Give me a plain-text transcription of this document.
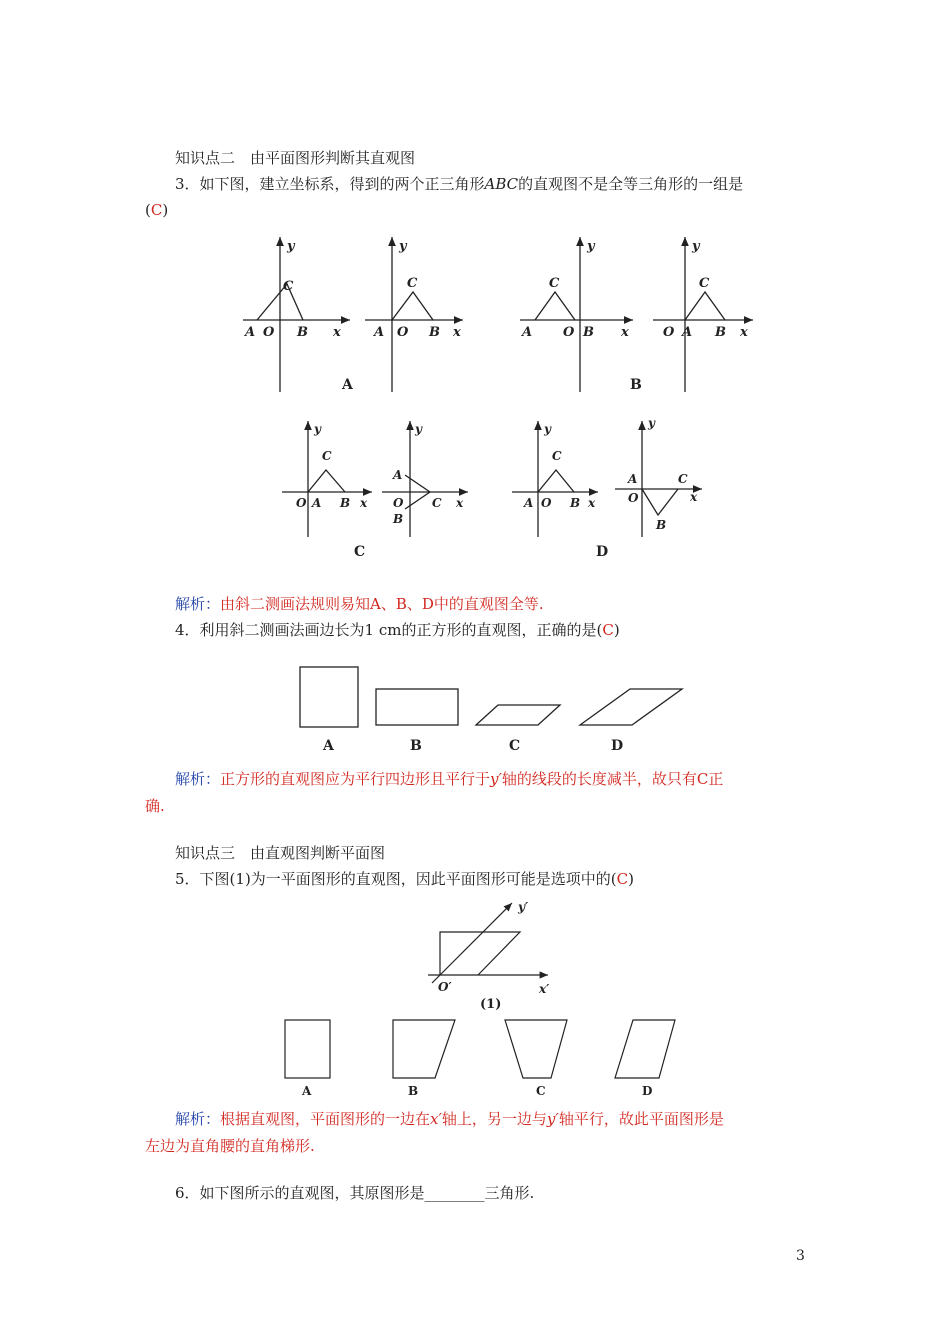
知识点二　由平面图形判断其直观图
3．如下图，建立坐标系，得到的两个正三角形ABC的直观图不是全等三角形的一组是
(C)
y
C
A O B x
y
C
A O B x
y
C
A O B x
y
C
O A B x
A	B
y
C
O A B x
y
A
O
B
C x
y
C
A O B x
y
A
O
B
C
x
C	D
解析：由斜二测画法规则易知A、B、D中的直观图全等.
4．利用斜二测画法画边长为1 cm的正方形的直观图，正确的是(C)
A	B	C	D
解析：正方形的直观图应为平行四边形且平行于y′轴的线段的长度减半，故只有C正
确.
知识点三　由直观图判断平面图
5．下图(1)为一平面图形的直观图，因此平面图形可能是选项中的(C)
y′
O′	x′
(1)
A	B	C	D
解析：根据直观图，平面图形的一边在x′轴上，另一边与y′轴平行，故此平面图形是
左边为直角腰的直角梯形.
6．如下图所示的直观图，其原图形是________三角形.
3
